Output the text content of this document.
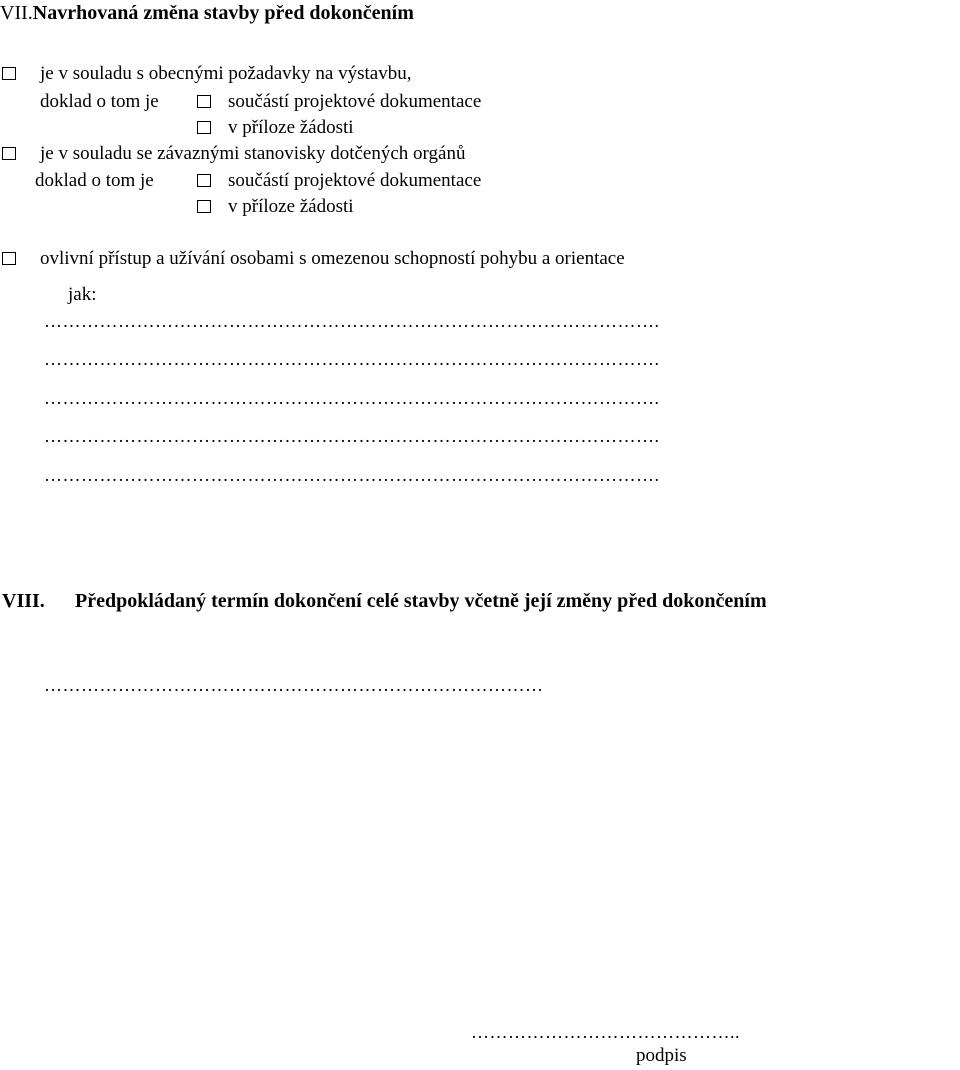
VII. Navrhovaná změna stavby před dokončením
je v souladu s obecnými požadavky na výstavbu,
doklad o tom je	součástí projektové dokumentace
v příloze žádosti
je v souladu se závaznými stanovisky dotčených orgánů
doklad o tom je	součástí projektové dokumentace
v příloze žádosti
ovlivní přístup a užívání osobami s omezenou schopností pohybu a orientace
jak:
……………………………………………………………………………………….
……………………………………………………………………………………….
……………………………………………………………………………………….
……………………………………………………………………………………….
……………………………………………………………………………………….
VIII. Předpokládaný termín dokončení celé stavby včetně její změny před dokončením
………………………………………………………………………
……………………………………..
podpis
